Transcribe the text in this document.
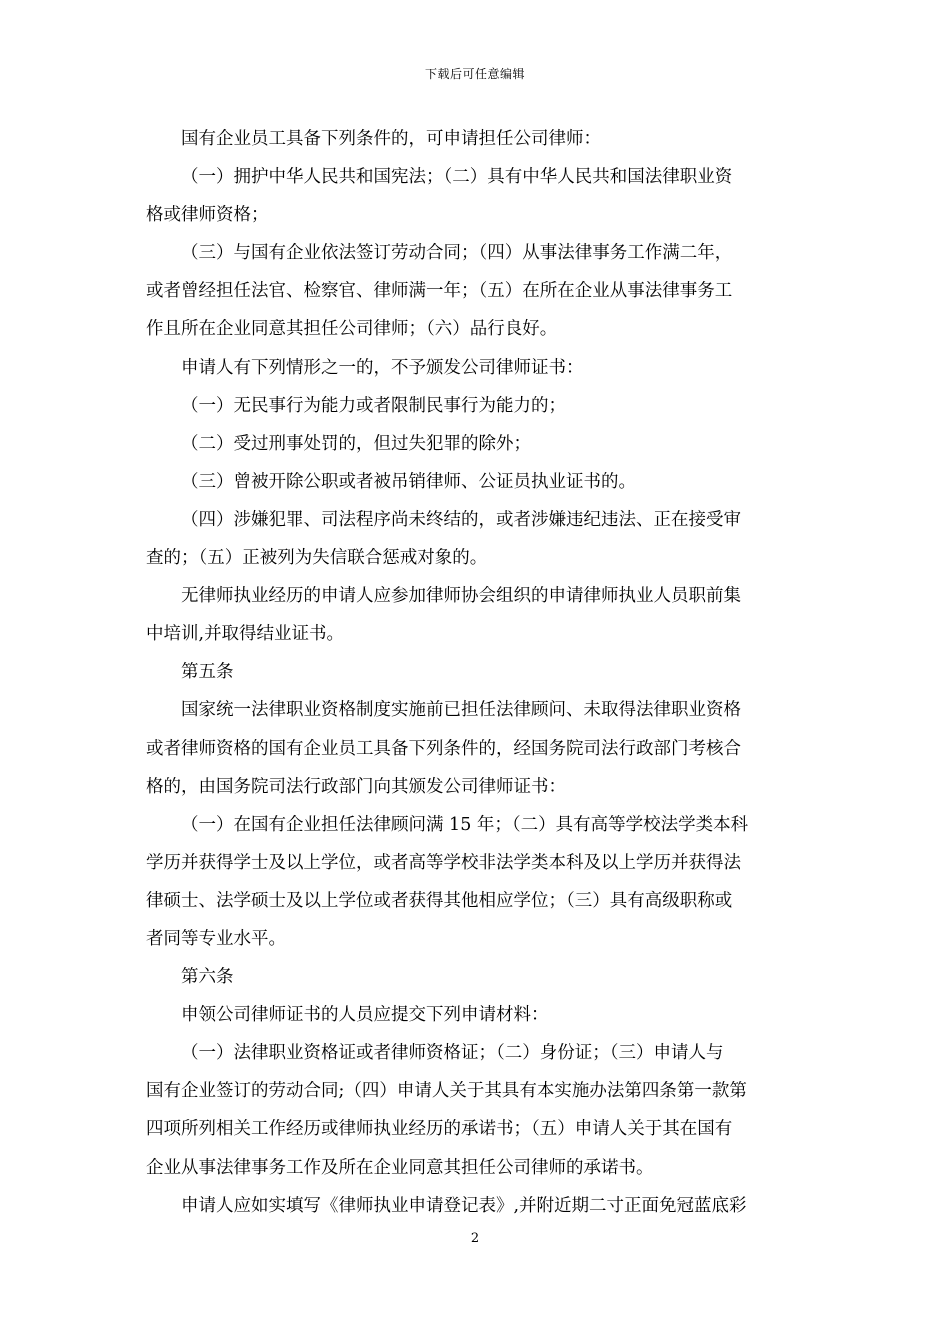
下载后可任意编辑

国有企业员工具备下列条件的，可申请担任公司律师：

（一）拥护中华人民共和国宪法；（二）具有中华人民共和国法律职业资

格或律师资格；

（三）与国有企业依法签订劳动合同；（四）从事法律事务工作满二年，

或者曾经担任法官、检察官、律师满一年；（五）在所在企业从事法律事务工

作且所在企业同意其担任公司律师；（六）品行良好。

申请人有下列情形之一的，不予颁发公司律师证书：

（一）无民事行为能力或者限制民事行为能力的；

（二）受过刑事处罚的，但过失犯罪的除外；

（三）曾被开除公职或者被吊销律师、公证员执业证书的。

（四）涉嫌犯罪、司法程序尚未终结的，或者涉嫌违纪违法、正在接受审

查的；（五）正被列为失信联合惩戒对象的。

无律师执业经历的申请人应参加律师协会组织的申请律师执业人员职前集

中培训,并取得结业证书。

第五条

国家统一法律职业资格制度实施前已担任法律顾问、未取得法律职业资格

或者律师资格的国有企业员工具备下列条件的，经国务院司法行政部门考核合

格的，由国务院司法行政部门向其颁发公司律师证书：

（一）在国有企业担任法律顾问满 15 年；（二）具有高等学校法学类本科

学历并获得学士及以上学位，或者高等学校非法学类本科及以上学历并获得法

律硕士、法学硕士及以上学位或者获得其他相应学位；（三）具有高级职称或

者同等专业水平。

第六条

申领公司律师证书的人员应提交下列申请材料：

（一）法律职业资格证或者律师资格证；（二）身份证；（三）申请人与

国有企业签订的劳动合同;（四）申请人关于其具有本实施办法第四条第一款第

四项所列相关工作经历或律师执业经历的承诺书；（五）申请人关于其在国有

企业从事法律事务工作及所在企业同意其担任公司律师的承诺书。

申请人应如实填写《律师执业申请登记表》,并附近期二寸正面免冠蓝底彩

2
